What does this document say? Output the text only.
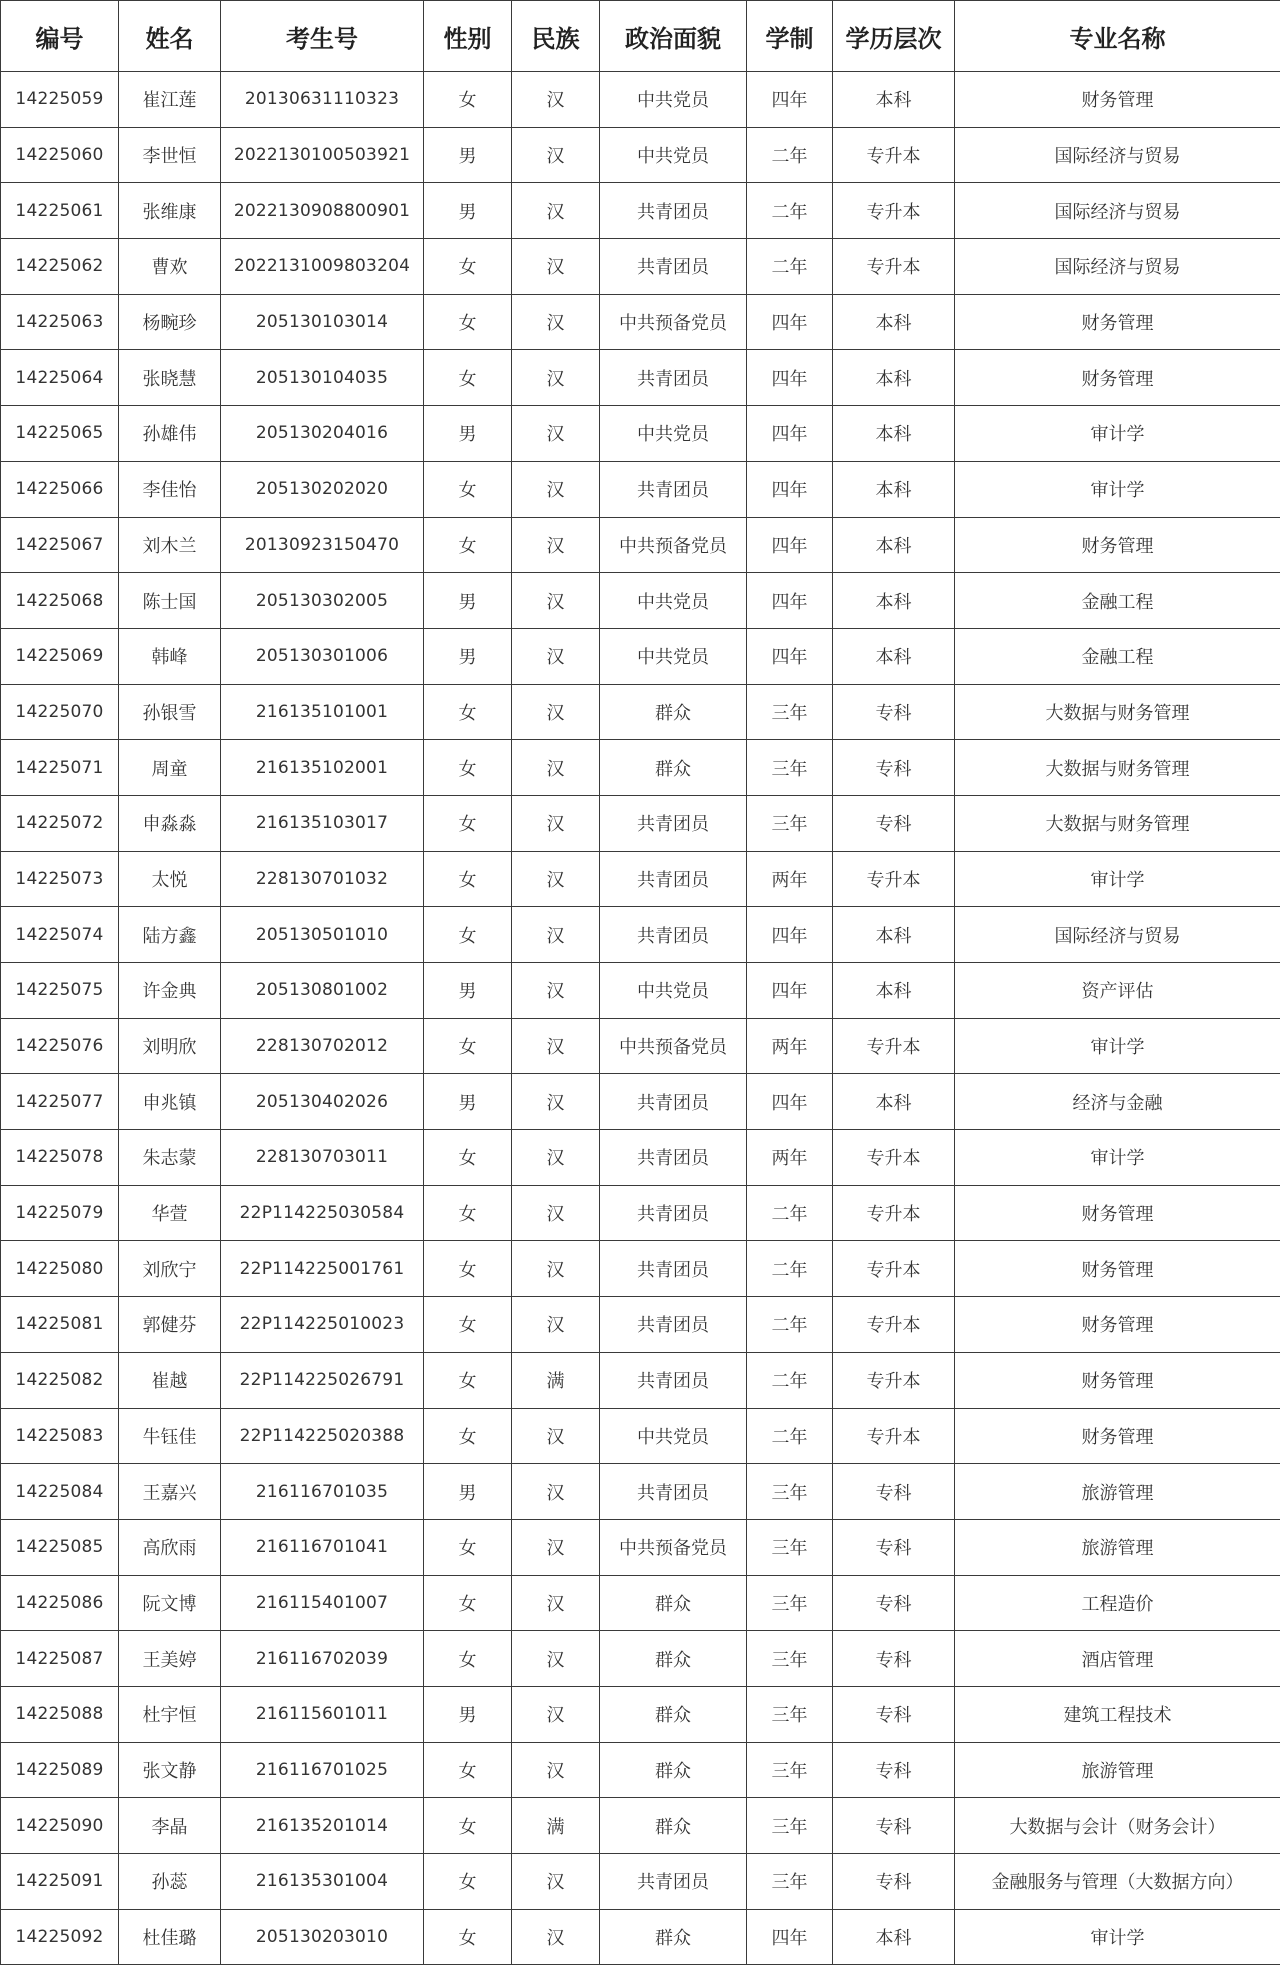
编号	姓名	考生号	性别	民族	政治面貌	学制	学历层次	专业名称
14225059	崔江莲	20130631110323	女	汉	中共党员	四年	本科	财务管理
14225060	李世恒	2022130100503921	男	汉	中共党员	二年	专升本	国际经济与贸易
14225061	张维康	2022130908800901	男	汉	共青团员	二年	专升本	国际经济与贸易
14225062	曹欢	2022131009803204	女	汉	共青团员	二年	专升本	国际经济与贸易
14225063	杨畹珍	205130103014	女	汉	中共预备党员	四年	本科	财务管理
14225064	张晓慧	205130104035	女	汉	共青团员	四年	本科	财务管理
14225065	孙雄伟	205130204016	男	汉	中共党员	四年	本科	审计学
14225066	李佳怡	205130202020	女	汉	共青团员	四年	本科	审计学
14225067	刘木兰	20130923150470	女	汉	中共预备党员	四年	本科	财务管理
14225068	陈士国	205130302005	男	汉	中共党员	四年	本科	金融工程
14225069	韩峰	205130301006	男	汉	中共党员	四年	本科	金融工程
14225070	孙银雪	216135101001	女	汉	群众	三年	专科	大数据与财务管理
14225071	周童	216135102001	女	汉	群众	三年	专科	大数据与财务管理
14225072	申淼淼	216135103017	女	汉	共青团员	三年	专科	大数据与财务管理
14225073	太悦	228130701032	女	汉	共青团员	两年	专升本	审计学
14225074	陆方鑫	205130501010	女	汉	共青团员	四年	本科	国际经济与贸易
14225075	许金典	205130801002	男	汉	中共党员	四年	本科	资产评估
14225076	刘明欣	228130702012	女	汉	中共预备党员	两年	专升本	审计学
14225077	申兆镇	205130402026	男	汉	共青团员	四年	本科	经济与金融
14225078	朱志蒙	228130703011	女	汉	共青团员	两年	专升本	审计学
14225079	华萱	22P114225030584	女	汉	共青团员	二年	专升本	财务管理
14225080	刘欣宁	22P114225001761	女	汉	共青团员	二年	专升本	财务管理
14225081	郭健芬	22P114225010023	女	汉	共青团员	二年	专升本	财务管理
14225082	崔越	22P114225026791	女	满	共青团员	二年	专升本	财务管理
14225083	牛钰佳	22P114225020388	女	汉	中共党员	二年	专升本	财务管理
14225084	王嘉兴	216116701035	男	汉	共青团员	三年	专科	旅游管理
14225085	高欣雨	216116701041	女	汉	中共预备党员	三年	专科	旅游管理
14225086	阮文博	216115401007	女	汉	群众	三年	专科	工程造价
14225087	王美婷	216116702039	女	汉	群众	三年	专科	酒店管理
14225088	杜宇恒	216115601011	男	汉	群众	三年	专科	建筑工程技术
14225089	张文静	216116701025	女	汉	群众	三年	专科	旅游管理
14225090	李晶	216135201014	女	满	群众	三年	专科	大数据与会计（财务会计）
14225091	孙蕊	216135301004	女	汉	共青团员	三年	专科	金融服务与管理（大数据方向）
14225092	杜佳璐	205130203010	女	汉	群众	四年	本科	审计学
